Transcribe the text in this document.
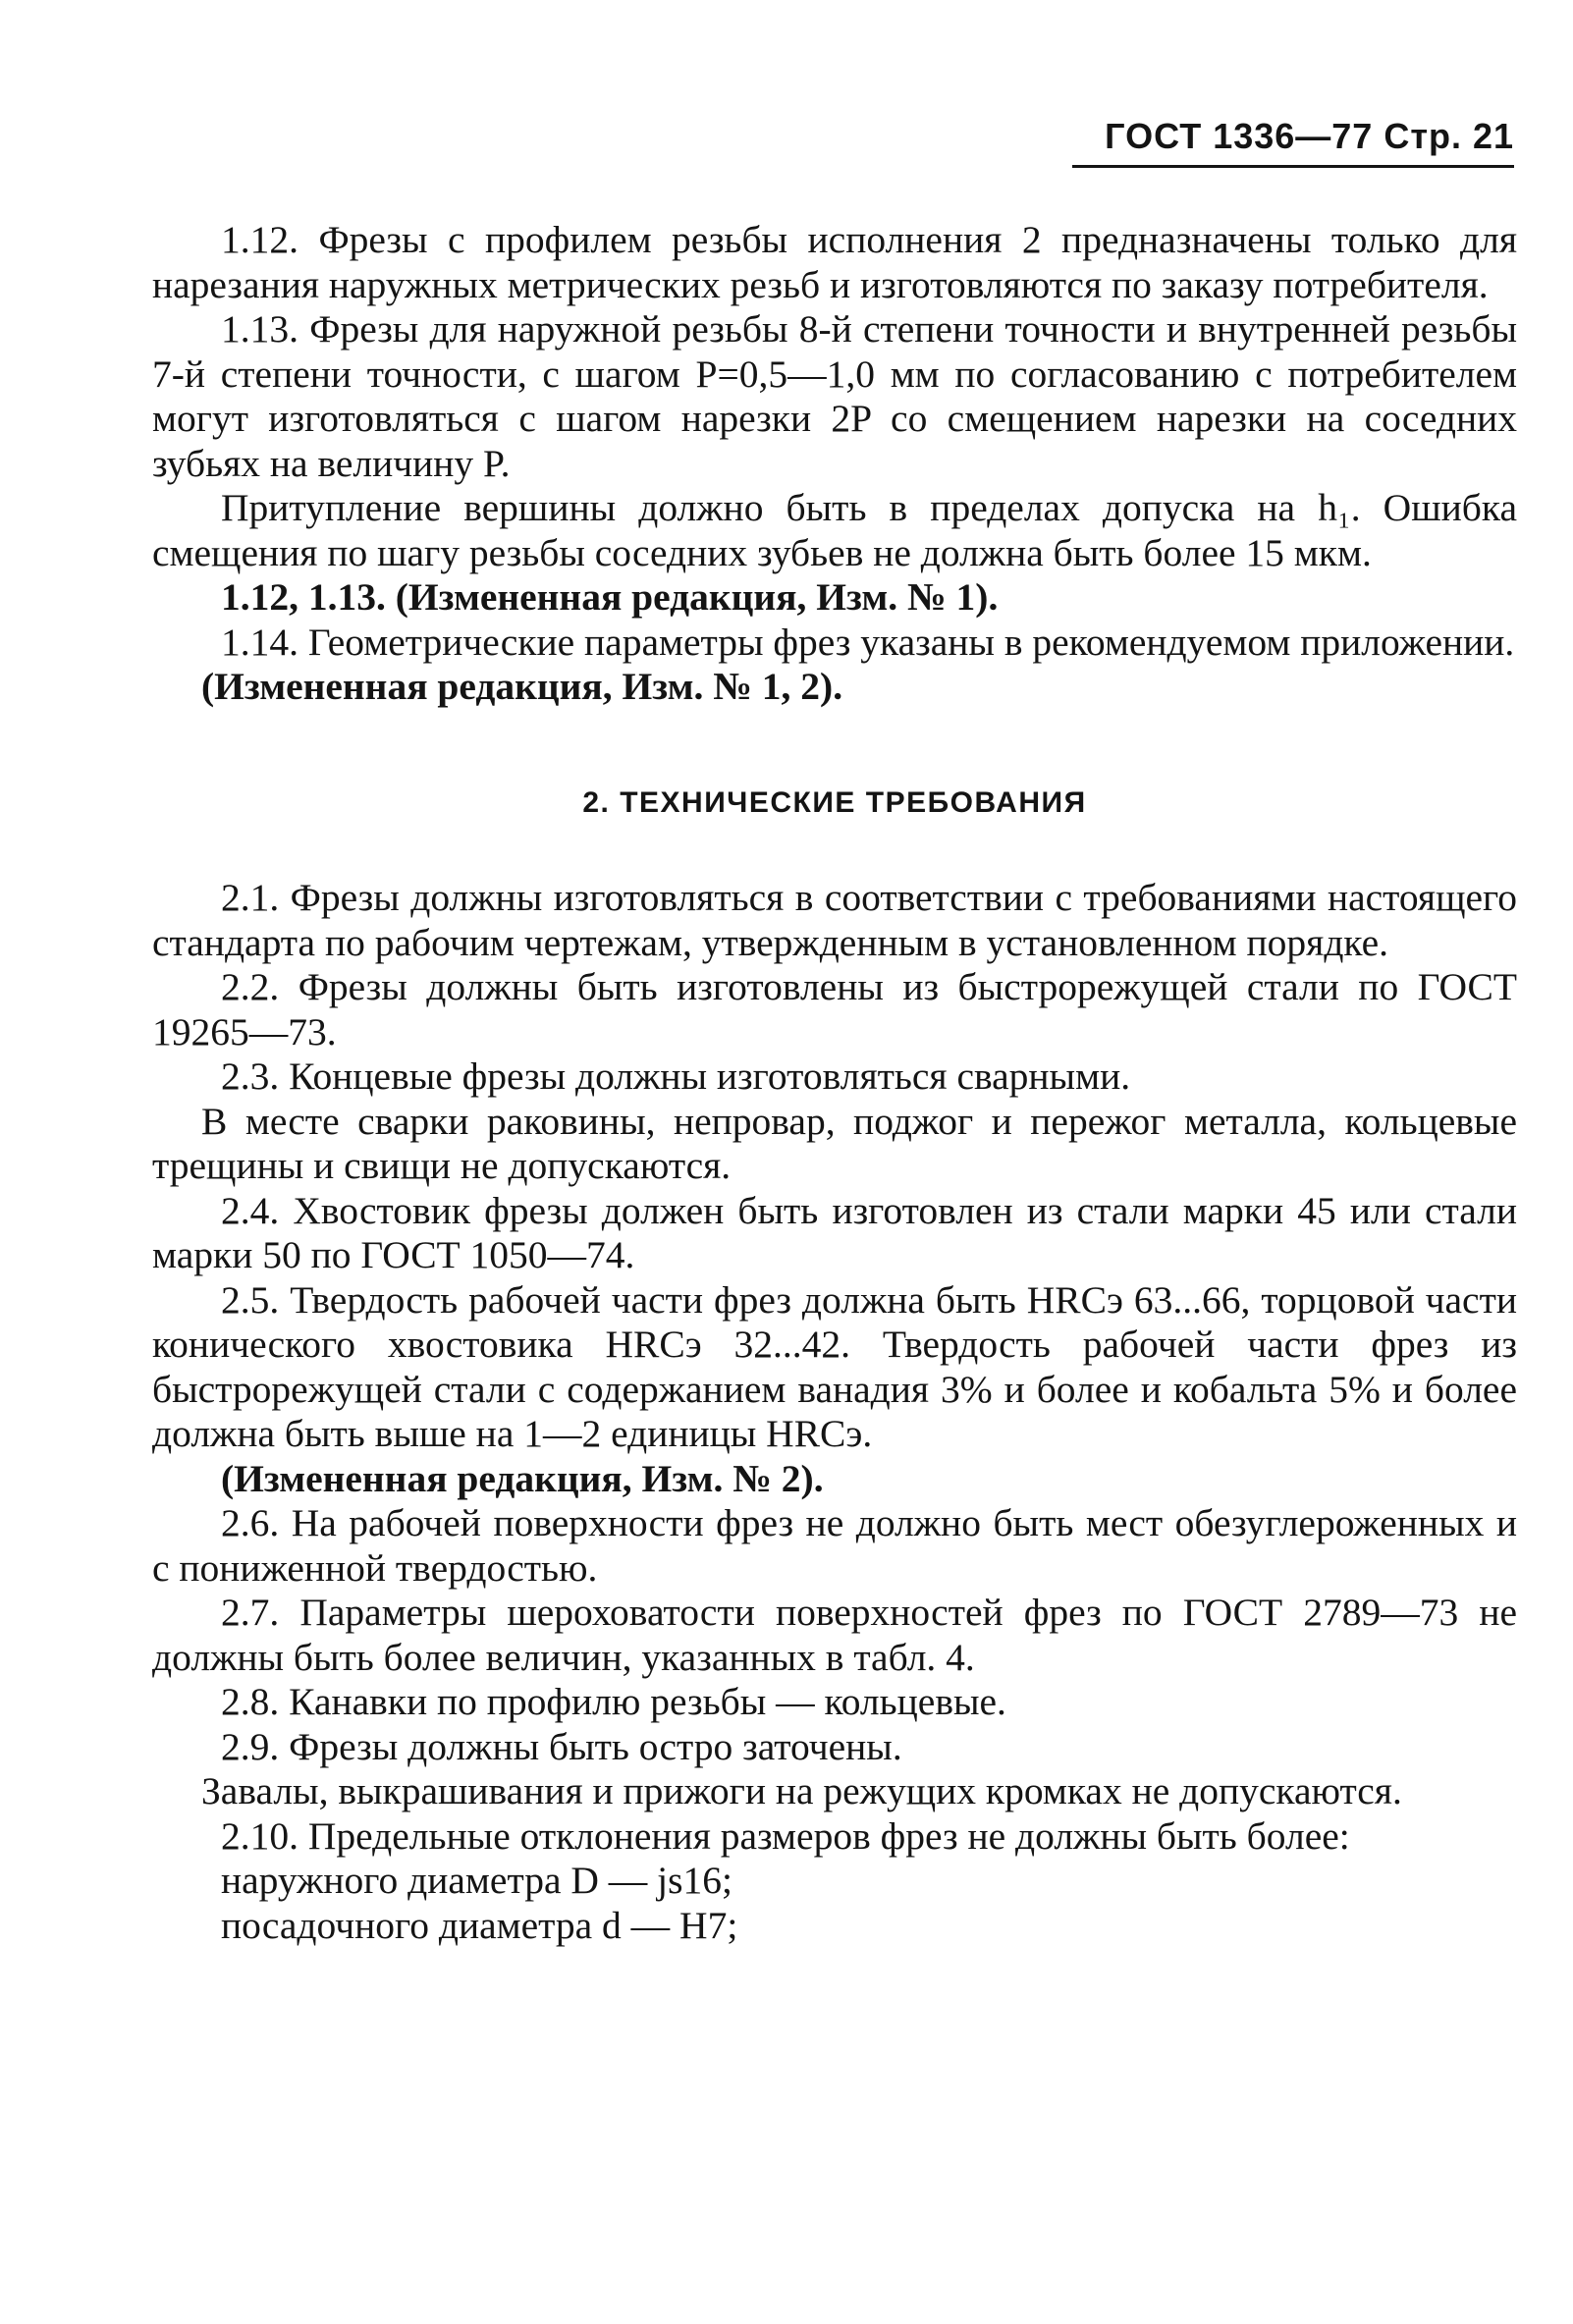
ГОСТ 1336—77 Стр. 21

1.12. Фрезы с профилем резьбы исполнения 2 предназначены только для нарезания наружных метрических резьб и изготовляются по заказу потребителя.

1.13. Фрезы для наружной резьбы 8-й степени точности и внутренней резьбы 7-й степени точности, с шагом P=0,5—1,0 мм по согласованию с потребителем могут изготовляться с шагом нарезки 2P со смещением нарезки на соседних зубьях на величину P.

Притупление вершины должно быть в пределах допуска на h₁. Ошибка смещения по шагу резьбы соседних зубьев не должна быть более 15 мкм.

1.12, 1.13. (Измененная редакция, Изм. № 1).

1.14. Геометрические параметры фрез указаны в рекомендуемом приложении.

(Измененная редакция, Изм. № 1, 2).

2. ТЕХНИЧЕСКИЕ ТРЕБОВАНИЯ

2.1. Фрезы должны изготовляться в соответствии с требованиями настоящего стандарта по рабочим чертежам, утвержденным в установленном порядке.

2.2. Фрезы должны быть изготовлены из быстрорежущей стали по ГОСТ 19265—73.

2.3. Концевые фрезы должны изготовляться сварными.

В месте сварки раковины, непровар, поджог и пережог металла, кольцевые трещины и свищи не допускаются.

2.4. Хвостовик фрезы должен быть изготовлен из стали марки 45 или стали марки 50 по ГОСТ 1050—74.

2.5. Твердость рабочей части фрез должна быть HRCэ 63...66, торцовой части конического хвостовика HRCэ 32...42. Твердость рабочей части фрез из быстрорежущей стали с содержанием ванадия 3% и более и кобальта 5% и более должна быть выше на 1—2 единицы HRCэ.

(Измененная редакция, Изм. № 2).

2.6. На рабочей поверхности фрез не должно быть мест обезуглероженных и с пониженной твердостью.

2.7. Параметры шероховатости поверхностей фрез по ГОСТ 2789—73 не должны быть более величин, указанных в табл. 4.

2.8. Канавки по профилю резьбы — кольцевые.

2.9. Фрезы должны быть остро заточены.

Завалы, выкрашивания и прижоги на режущих кромках не допускаются.

2.10. Предельные отклонения размеров фрез не должны быть более:

наружного диаметра D — js16;

посадочного диаметра d — H7;
